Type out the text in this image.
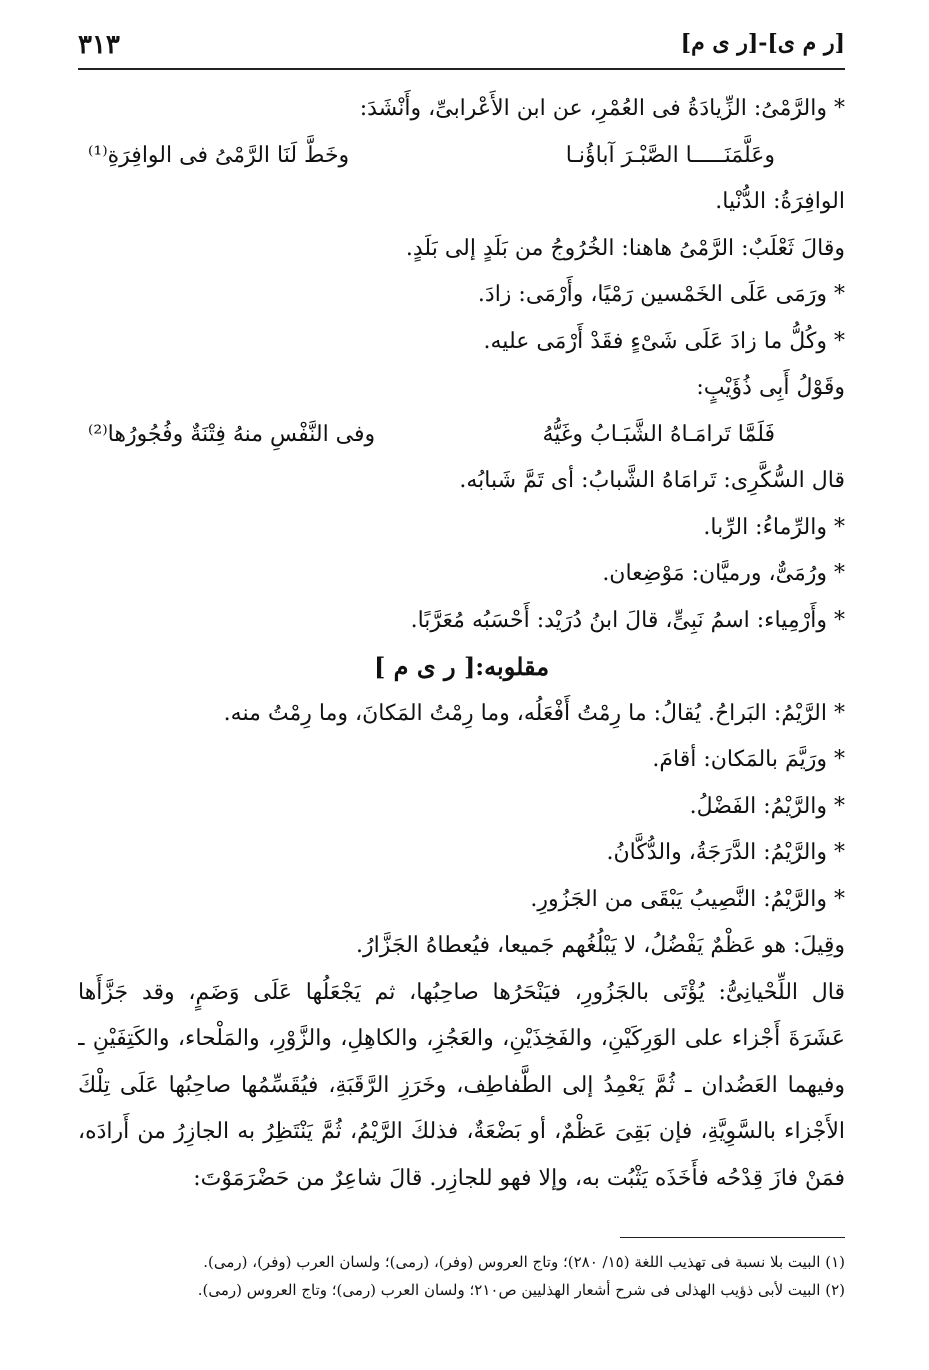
[ر م ى]-[ر ى م]
٣١٣
* والرَّمْىُ: الزِّيادَةُ فى العُمْرِ، عن ابن الأَعْرابىِّ، وأَنْشَدَ:
وعَلَّمَنَـــــا الصَّبْـرَ آباؤُنـا
وخَطَّ لَنَا الرَّمْىُ فى الوافِرَةِ⁽¹⁾
الوافِرَةُ: الدُّنْيا.
وقالَ ثَعْلَبٌ: الرَّمْىُ هاهنا: الخُرُوجُ من بَلَدٍ إلى بَلَدٍ.
* ورَمَى عَلَى الخَمْسين رَمْيًا، وأَرْمَى: زادَ.
* وكُلُّ ما زادَ عَلَى شَىْءٍ فقَدْ أَرْمَى عليه.
وقَوْلُ أَبِى ذُؤَيْبٍ:
فَلَمَّا تَرامَـاهُ الشَّبَـابُ وغَيُّهُ
وفى النَّفْسِ منهُ فِتْنَةٌ وفُجُورُها⁽²⁾
قال السُّكَّرِى: تَرامَاهُ الشَّبابُ: أى تَمَّ شَبابُه.
* والرِّماءُ: الرِّبا.
* ورُمَىٌّ، ورميَّان: مَوْضِعان.
* وأَرْمِياء: اسمُ نَبِىٍّ، قالَ ابنُ دُرَيْد: أَحْسَبُه مُعَرَّبًا.
مقلوبه:[ ر ى م ]
* الرَّيْمُ: البَراحُ. يُقالُ: ما رِمْتُ أَفْعَلُه، وما رِمْتُ المَكانَ، وما رِمْتُ منه.
* ورَيَّمَ بالمَكان: أقامَ.
* والرَّيْمُ: الفَضْلُ.
* والرَّيْمُ: الدَّرَجَةُ، والدُّكَّانُ.
* والرَّيْمُ: النَّصِيبُ يَبْقَى من الجَزُورِ.
وقِيلَ: هو عَظْمٌ يَفْضُلُ، لا يَبْلُغُهم جَميعا، فيُعطاهُ الجَزَّارُ.
قال اللِّحْيانِىُّ: يُؤْتَى بالجَزُورِ، فيَنْحَرُها صاحِبُها، ثم يَجْعَلُها عَلَى وَضَمٍ، وقد جَزَّأَها
عَشَرَةَ أَجْزاء على الوَرِكَيْنِ، والفَخِذَيْنِ، والعَجُزِ، والكاهِلِ، والزَّوْرِ، والمَلْحاء، والكَتِفَيْنِ ـ
وفيهما العَضُدان ـ ثُمَّ يَعْمِدُ إلى الطَّفاطِف، وخَرَزِ الرَّقَبَةِ، فيُقَسِّمُها صاحِبُها عَلَى تِلْكَ
الأَجْزاء بالسَّوِيَّةِ، فإن بَقِىَ عَظْمٌ، أو بَضْعَةٌ، فذلكَ الرَّيْمُ، ثُمَّ يَنْتَظِرُ به الجازِرُ من أَرادَه،
فمَنْ فازَ قِدْحُه فأَخَذَه يَثْبُت به، وإلا فهو للجازِر. قالَ شاعِرٌ من حَضْرَمَوْتَ:
(١) البيت بلا نسبة فى تهذيب اللغة (١٥/ ٢٨٠)؛ وتاج العروس (وفر)، (رمى)؛ ولسان العرب (وفر)، (رمى).
(٢) البيت لأبى ذؤيب الهذلى فى شرح أشعار الهذليين ص٢١٠؛ ولسان العرب (رمى)؛ وتاج العروس (رمى).
